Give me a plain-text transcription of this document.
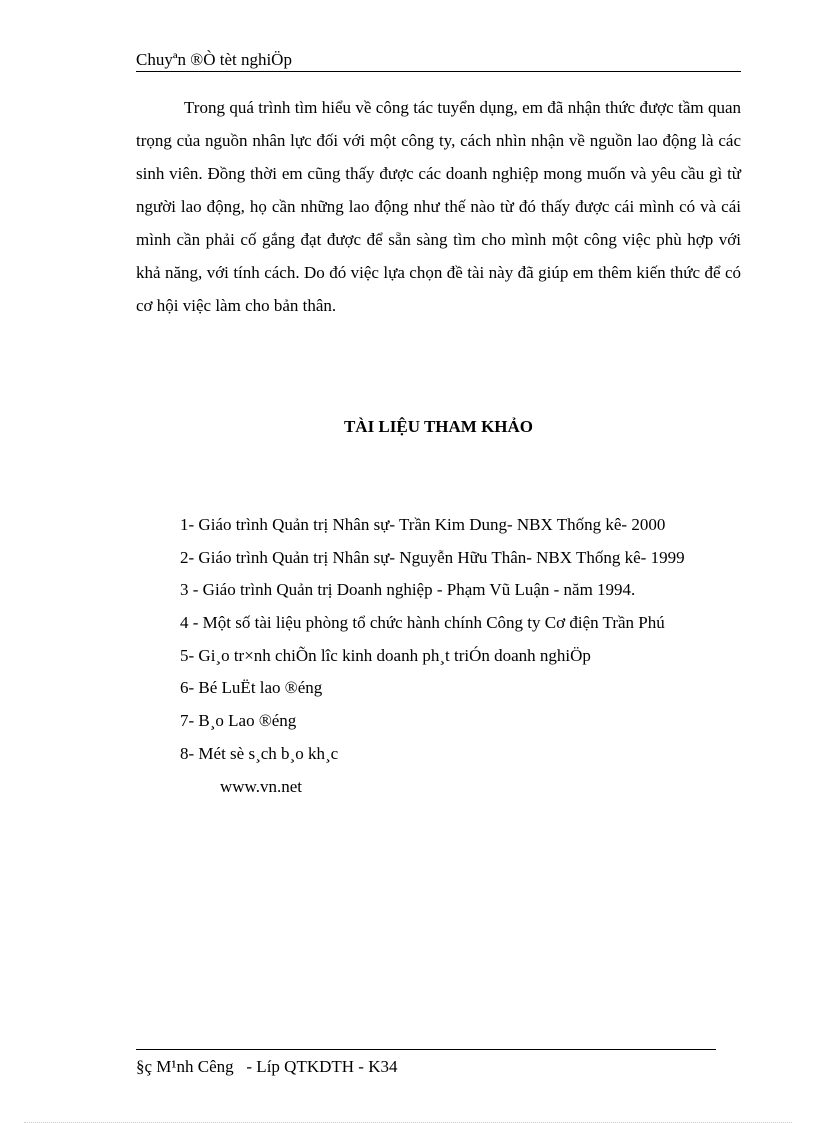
Chuyªn ®Ò tèt nghiÖp

Trong quá trình tìm hiểu về công tác tuyển dụng, em đã nhận thức được tầm quan trọng của nguồn nhân lực đối với một công ty, cách nhìn nhận về nguồn lao động là các sinh viên. Đồng thời em cũng thấy được các doanh nghiệp mong muốn và yêu cầu gì từ người lao động, họ cần những lao động như thế nào từ đó thấy được cái mình có và cái mình cần phải cố gắng đạt được để sẵn sàng tìm cho mình một công việc phù hợp với khả năng, với tính cách. Do đó việc lựa chọn đề tài này đã giúp em thêm kiến thức để có cơ hội việc làm cho bản thân.

TÀI LIỆU THAM KHẢO
1- Giáo trình Quản trị Nhân sự- Trần Kim Dung- NBX Thống kê- 2000
2- Giáo trình Quản trị Nhân sự- Nguyễn Hữu Thân- NBX Thống kê- 1999
3 - Giáo trình Quản trị Doanh nghiệp - Phạm Vũ Luận - năm 1994.
4 - Một số tài liệu phòng tổ chức hành chính Công ty Cơ điện Trần Phú
5- Gi¸o tr×nh chiÕn lîc kinh doanh ph¸t triÓn doanh nghiÖp
6- Bé LuËt lao ®éng
7- B¸o Lao ®éng
8- Mét sè s¸ch b¸o kh¸c
www.vn.net
§ç M¹nh Cêng   - Líp QTKDTH - K34
